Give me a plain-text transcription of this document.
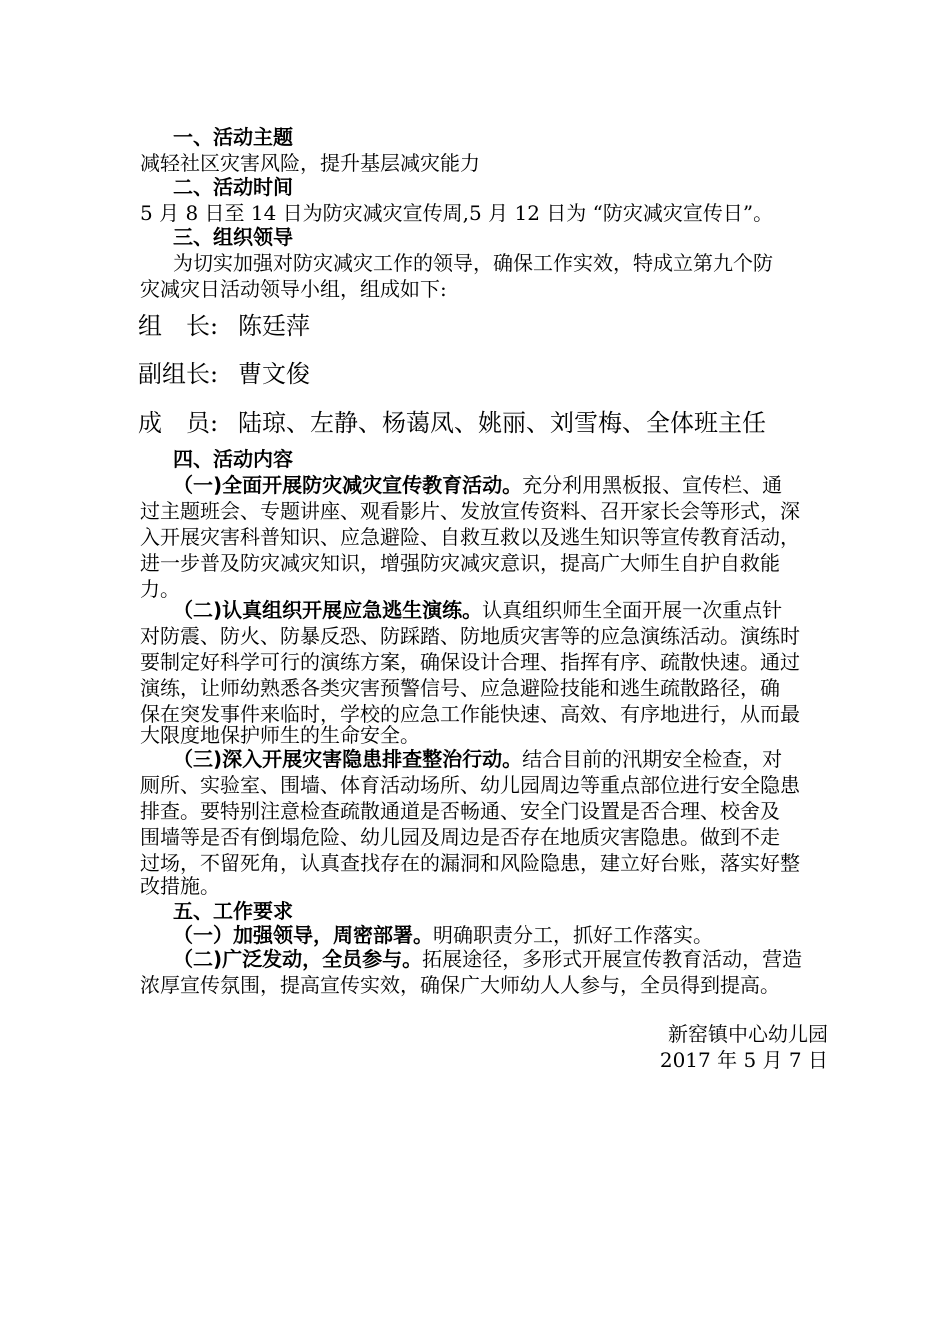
一、活动主题
减轻社区灾害风险，提升基层减灾能力
二、活动时间
5 月 8 日至 14 日为防灾减灾宣传周,5 月 12 日为 “防灾减灾宣传日”。
三、组织领导
为切实加强对防灾减灾工作的领导，确保工作实效，特成立第九个防
灾减灾日活动领导小组，组成如下:
组　长: 陈廷萍
副组长: 曹文俊
成　员: 陆琼、左静、杨蔼凤、姚丽、刘雪梅、全体班主任
四、活动内容
（一)全面开展防灾减灾宣传教育活动。充分利用黑板报、宣传栏、通
过主题班会、专题讲座、观看影片、发放宣传资料、召开家长会等形式，深
入开展灾害科普知识、应急避险、自救互救以及逃生知识等宣传教育活动，
进一步普及防灾减灾知识，增强防灾减灾意识，提高广大师生自护自救能
力。
（二)认真组织开展应急逃生演练。认真组织师生全面开展一次重点针
对防震、防火、防暴反恐、防踩踏、防地质灾害等的应急演练活动。演练时
要制定好科学可行的演练方案，确保设计合理、指挥有序、疏散快速。通过
演练，让师幼熟悉各类灾害预警信号、应急避险技能和逃生疏散路径，确
保在突发事件来临时，学校的应急工作能快速、高效、有序地进行，从而最
大限度地保护师生的生命安全。
（三)深入开展灾害隐患排查整治行动。结合目前的汛期安全检查，对
厕所、实验室、围墙、体育活动场所、幼儿园周边等重点部位进行安全隐患
排查。要特别注意检查疏散通道是否畅通、安全门设置是否合理、校舍及
围墙等是否有倒塌危险、幼儿园及周边是否存在地质灾害隐患。做到不走
过场，不留死角，认真查找存在的漏洞和风险隐患，建立好台账，落实好整
改措施。
五、工作要求
（一）加强领导，周密部署。明确职责分工，抓好工作落实。
（二)广泛发动，全员参与。拓展途径，多形式开展宣传教育活动，营造
浓厚宣传氛围，提高宣传实效，确保广大师幼人人参与，全员得到提高。
新窑镇中心幼儿园
2017 年 5 月 7 日
